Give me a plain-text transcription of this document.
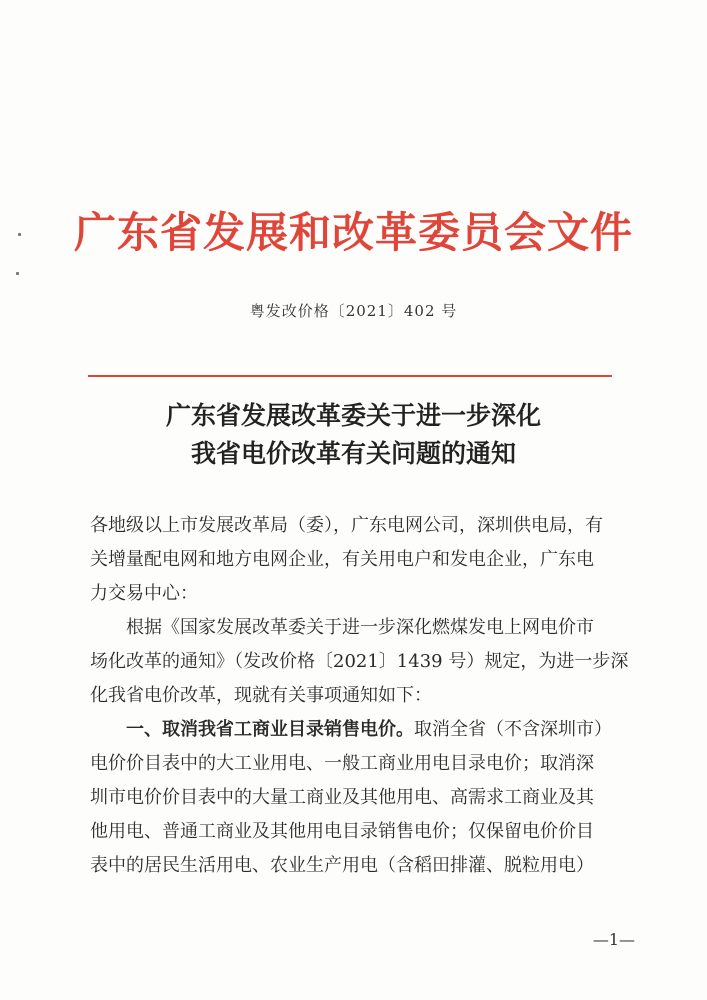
广东省发展和改革委员会文件
粤发改价格〔2021〕402 号
广东省发展改革委关于进一步深化
我省电价改革有关问题的通知
各地级以上市发展改革局（委），广东电网公司，深圳供电局，有
关增量配电网和地方电网企业，有关用电户和发电企业，广东电
力交易中心：
根据《国家发展改革委关于进一步深化燃煤发电上网电价市
场化改革的通知》（发改价格〔2021〕1439 号）规定，为进一步深
化我省电价改革，现就有关事项通知如下：
一、取消我省工商业目录销售电价。取消全省（不含深圳市）
电价价目表中的大工业用电、一般工商业用电目录电价；取消深
圳市电价价目表中的大量工商业及其他用电、高需求工商业及其
他用电、普通工商业及其他用电目录销售电价；仅保留电价价目
表中的居民生活用电、农业生产用电（含稻田排灌、脱粒用电）
—1—
